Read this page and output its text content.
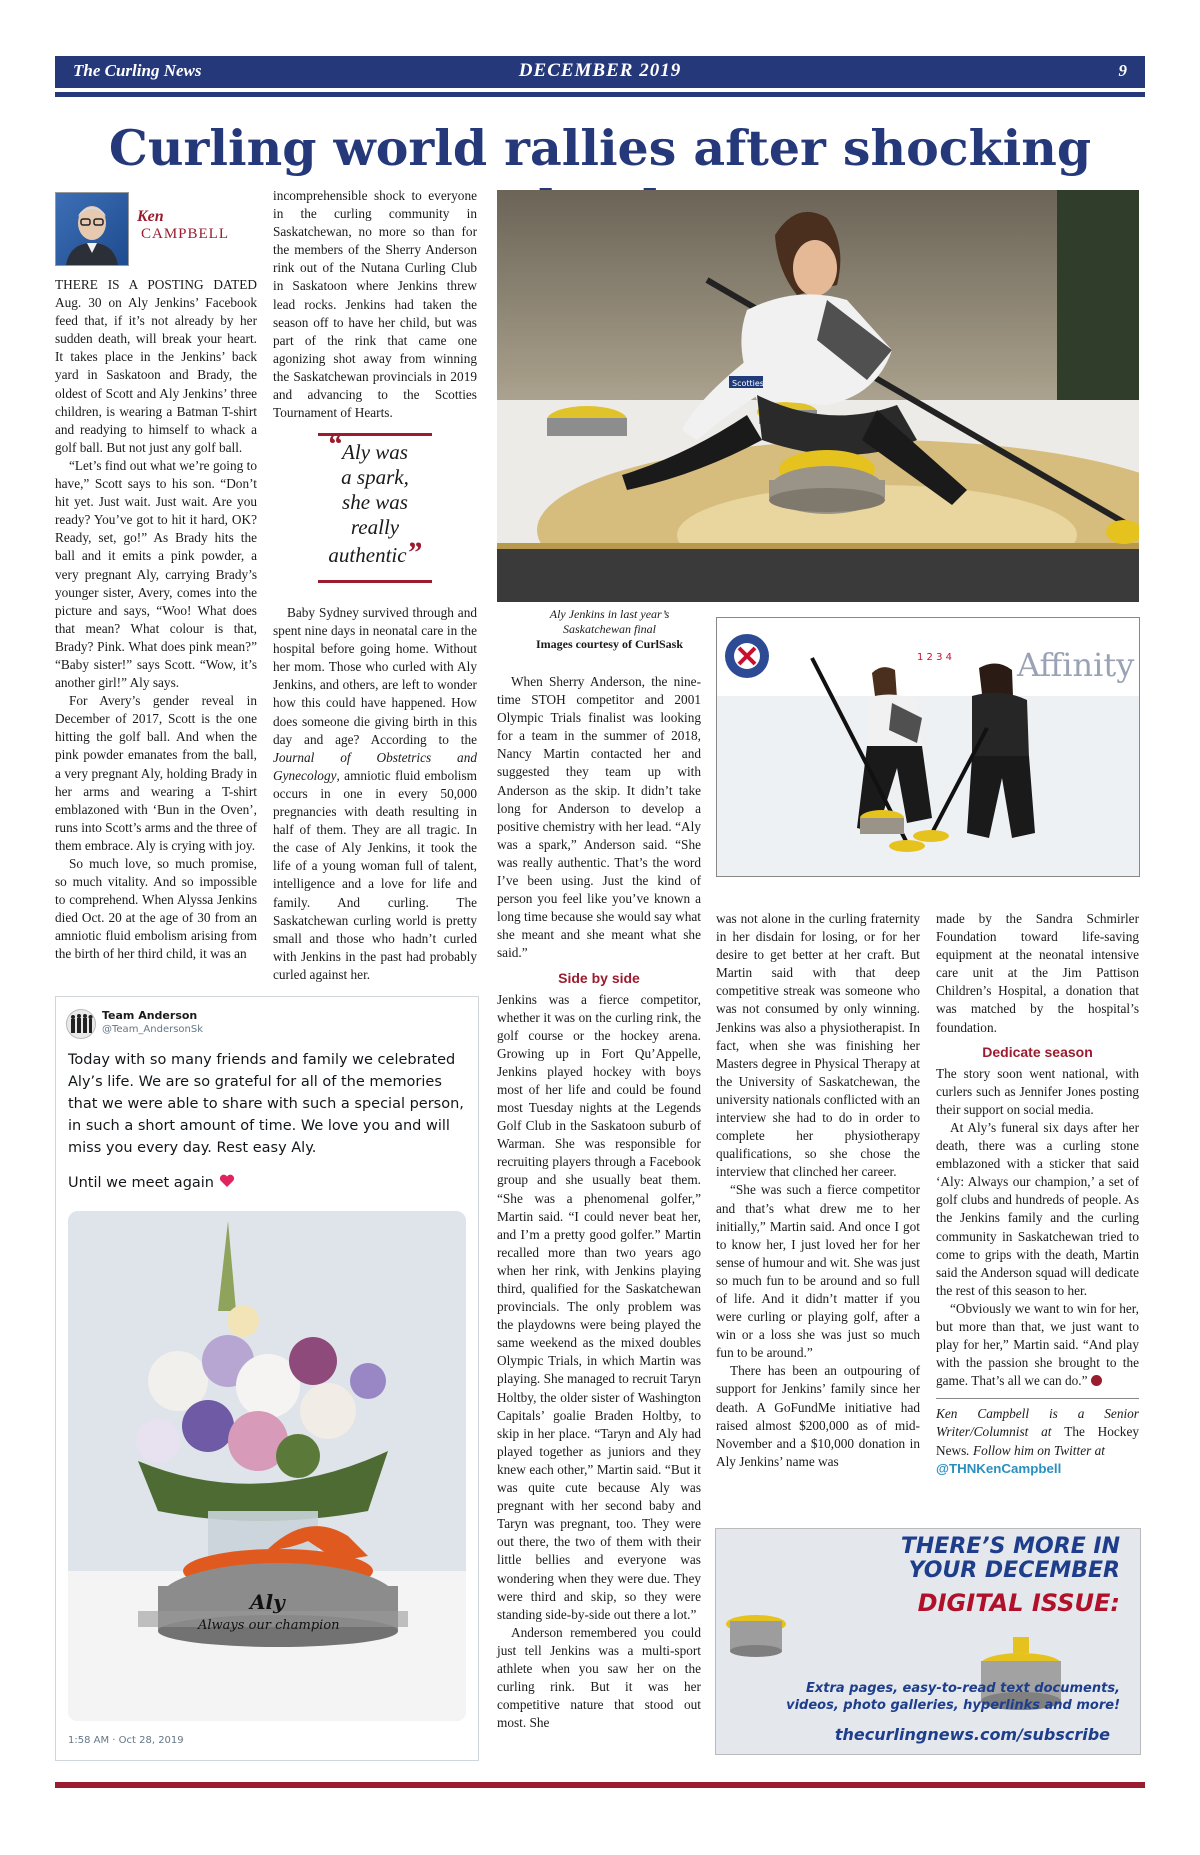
The Curling News	DECEMBER 2019	9
Curling world rallies after shocking
Ken
CAMPBELL

THERE IS A POSTING DATED Aug. 30 on Aly Jenkins’ Facebook feed that, if it’s not already by her sudden death, will break your heart. It takes place in the Jenkins’ back yard in Saskatoon and Brady, the oldest of Scott and Aly Jenkins’ three children, is wearing a Batman T-shirt and readying to himself to whack a golf ball. But not just any golf ball.

“Let’s find out what we’re going to have,” Scott says to his son. “Don’t hit yet. Just wait. Just wait. Are you ready? You’ve got to hit it hard, OK? Ready, set, go!” As Brady hits the ball and it emits a pink powder, a very pregnant Aly, carrying Brady’s younger sister, Avery, comes into the picture and says, “Woo! What does that mean? What colour is that, Brady? Pink. What does pink mean?” “Baby sister!” says Scott. “Wow, it’s another girl!” Aly says.

For Avery’s gender reveal in December of 2017, Scott is the one hitting the golf ball. And when the pink powder emanates from the ball, a very pregnant Aly, holding Brady in her arms and wearing a T-shirt emblazoned with ‘Bun in the Oven’, runs into Scott’s arms and the three of them embrace. Aly is crying with joy.

So much love, so much promise, so much vitality. And so impossible to comprehend. When Alyssa Jenkins died Oct. 20 at the age of 30 from an amniotic fluid embolism arising from the birth of her third child, it was an

incomprehensible shock to everyone in the curling community in Saskatchewan, no more so than for the members of the Sherry Anderson rink out of the Nutana Curling Club in Saskatoon where Jenkins threw lead rocks. Jenkins had taken the season off to have her child, but was part of the rink that came one agonizing shot away from winning the Saskatchewan provincials in 2019 and advancing to the Scotties Tournament of Hearts.

“ Aly was
a spark,
she was
really
authentic”

Baby Sydney survived through and spent nine days in neonatal care in the hospital before going home. Without her mom. Those who curled with Aly Jenkins, and others, are left to wonder how this could have happened. How does someone die giving birth in this day and age? According to the Journal of Obstetrics and Gynecology, amniotic fluid embolism occurs in one in every 50,000 pregnancies with death resulting in half of them. They are all tragic. In the case of Aly Jenkins, it took the life of a young woman full of talent, intelligence and a love for life and family. And curling. The Saskatchewan curling world is pretty small and those who hadn’t curled with Jenkins in the past had probably curled against her.

Scotties
Aly Jenkins in last year’s
Saskatchewan final
Images courtesy of CurlSask
1 2 3 4 Affinity

When Sherry Anderson, the nine-time STOH competitor and 2001 Olympic Trials finalist was looking for a team in the summer of 2018, Nancy Martin contacted her and suggested they team up with Anderson as the skip. It didn’t take long for Anderson to develop a positive chemistry with her lead. “Aly was a spark,” Anderson said. “She was really authentic. That’s the word I’ve been using. Just the kind of person you feel like you’ve known a long time because she would say what she meant and she meant what she said.”

Side by side

Jenkins was a fierce competitor, whether it was on the curling rink, the golf course or the hockey arena. Growing up in Fort Qu’Appelle, Jenkins played hockey with boys most of her life and could be found most Tuesday nights at the Legends Golf Club in the Saskatoon suburb of Warman. She was responsible for recruiting players through a Facebook group and she usually beat them. “She was a phenomenal golfer,” Martin said. “I could never beat her, and I’m a pretty good golfer.” Martin recalled more than two years ago when her rink, with Jenkins playing third, qualified for the Saskatchewan provincials. The only problem was the playdowns were being played the same weekend as the mixed doubles Olympic Trials, in which Martin was playing. She managed to recruit Taryn Holtby, the older sister of Washington Capitals’ goalie Braden Holtby, to skip in her place. “Taryn and Aly had played together as juniors and they knew each other,” Martin said. “But it was quite cute because Aly was pregnant with her second baby and Taryn was pregnant, too. They were out there, the two of them with their little bellies and everyone was wondering when they were due. They were third and skip, so they were standing side-by-side out there a lot.”

Anderson remembered you could just tell Jenkins was a multi-sport athlete when you saw her on the curling rink. But it was her competitive nature that stood out most. She

was not alone in the curling fraternity in her disdain for losing, or for her desire to get better at her craft. But Martin said with that deep competitive streak was someone who was not consumed by only winning. Jenkins was also a physiotherapist. In fact, when she was finishing her Masters degree in Physical Therapy at the University of Saskatchewan, the university nationals conflicted with an interview she had to do in order to complete her physiotherapy qualifications, so she chose the interview that clinched her career.

“She was such a fierce competitor and that’s what drew me to her initially,” Martin said. And once I got to know her, I just loved her for her sense of humour and wit. She was just so much fun to be around and so full of life. And it didn’t matter if you were curling or playing golf, after a win or a loss she was just so much fun to be around.”

There has been an outpouring of support for Jenkins’ family since her death. A GoFundMe initiative had raised almost $200,000 as of mid-November and a $10,000 donation in Aly Jenkins’ name was

made by the Sandra Schmirler Foundation toward life-saving equipment at the neonatal intensive care unit at the Jim Pattison Children’s Hospital, a donation that was matched by the hospital’s foundation.

Dedicate season

The story soon went national, with curlers such as Jennifer Jones posting their support on social media.

At Aly’s funeral six days after her death, there was a curling stone emblazoned with a sticker that said ‘Aly: Always our champion,’ a set of golf clubs and hundreds of people. As the Jenkins family and the curling community in Saskatchewan tried to come to grips with the death, Martin said the Anderson squad will dedicate the rest of this season to her.

“Obviously we want to win for her, but more than that, we just want to play for her,” Martin said. “And play with the passion she brought to the game. That’s all we can do.”

Ken Campbell is a Senior Writer/Columnist at The Hockey News. Follow him on Twitter at
@THNKenCampbell
Team Anderson
@Team_AndersonSk
Today with so many friends and family we celebrated Aly’s life. We are so grateful for all of the memories that we were able to share with such a special person, in such a short amount of time. We love you and will miss you every day. Rest easy Aly.
Until we meet again
Aly
Always our champion
1:58 AM · Oct 28, 2019
THERE’S MORE IN
YOUR DECEMBER
DIGITAL ISSUE:
Extra pages, easy-to-read text documents,
videos, photo galleries, hyperlinks and more!
thecurlingnews.com/subscribe
